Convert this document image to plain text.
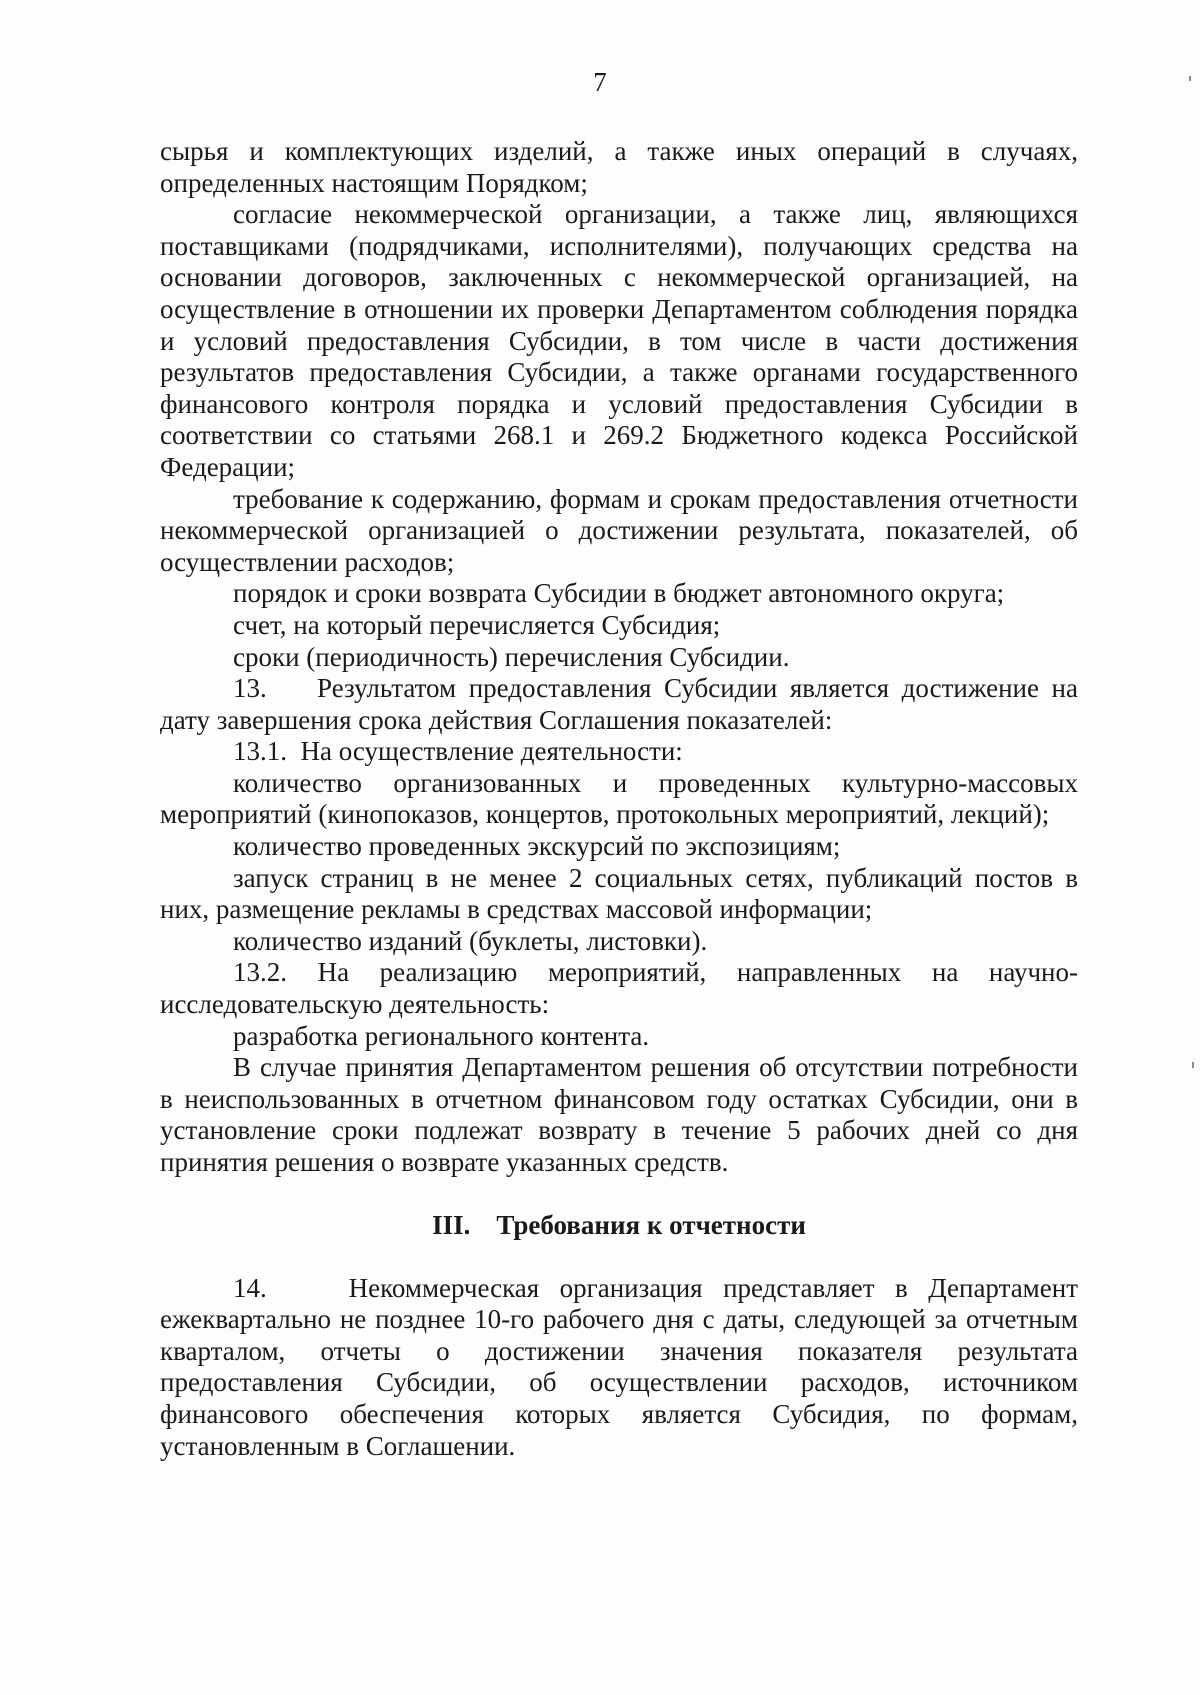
7

сырья и комплектующих изделий, а также иных операций в случаях, определенных настоящим Порядком;

согласие некоммерческой организации, а также лиц, являющихся поставщиками (подрядчиками, исполнителями), получающих средства на основании договоров, заключенных с некоммерческой организацией, на осуществление в отношении их проверки Департаментом соблюдения порядка и условий предоставления Субсидии, в том числе в части достижения результатов предоставления Субсидии, а также органами государственного финансового контроля порядка и условий предоставления Субсидии в соответствии со статьями 268.1 и 269.2 Бюджетного кодекса Российской Федерации;

требование к содержанию, формам и срокам предоставления отчетности некоммерческой организацией о достижении результата, показателей, об осуществлении расходов;

порядок и сроки возврата Субсидии в бюджет автономного округа;

счет, на который перечисляется Субсидия;

сроки (периодичность) перечисления Субсидии.

13.    Результатом предоставления Субсидии является достижение на дату завершения срока действия Соглашения показателей:

13.1.  На осуществление деятельности:

количество организованных и проведенных культурно-массовых мероприятий (кинопоказов, концертов, протокольных мероприятий, лекций);

количество проведенных экскурсий по экспозициям;

запуск страниц в не менее 2 социальных сетях, публикаций постов в них, размещение рекламы в средствах массовой информации;

количество изданий (буклеты, листовки).

13.2. На реализацию мероприятий, направленных на научно-исследовательскую деятельность:

разработка регионального контента.

В случае принятия Департаментом решения об отсутствии потребности в неиспользованных в отчетном финансовом году остатках Субсидии, они в установление сроки подлежат возврату в течение 5 рабочих дней со дня принятия решения о возврате указанных средств.

III. Требования к отчетности

14.    Некоммерческая организация представляет в Департамент ежеквартально не позднее 10-го рабочего дня с даты, следующей за отчетным кварталом, отчеты о достижении значения показателя результата предоставления Субсидии, об осуществлении расходов, источником финансового обеспечения которых является Субсидия, по формам, установленным в Соглашении.
